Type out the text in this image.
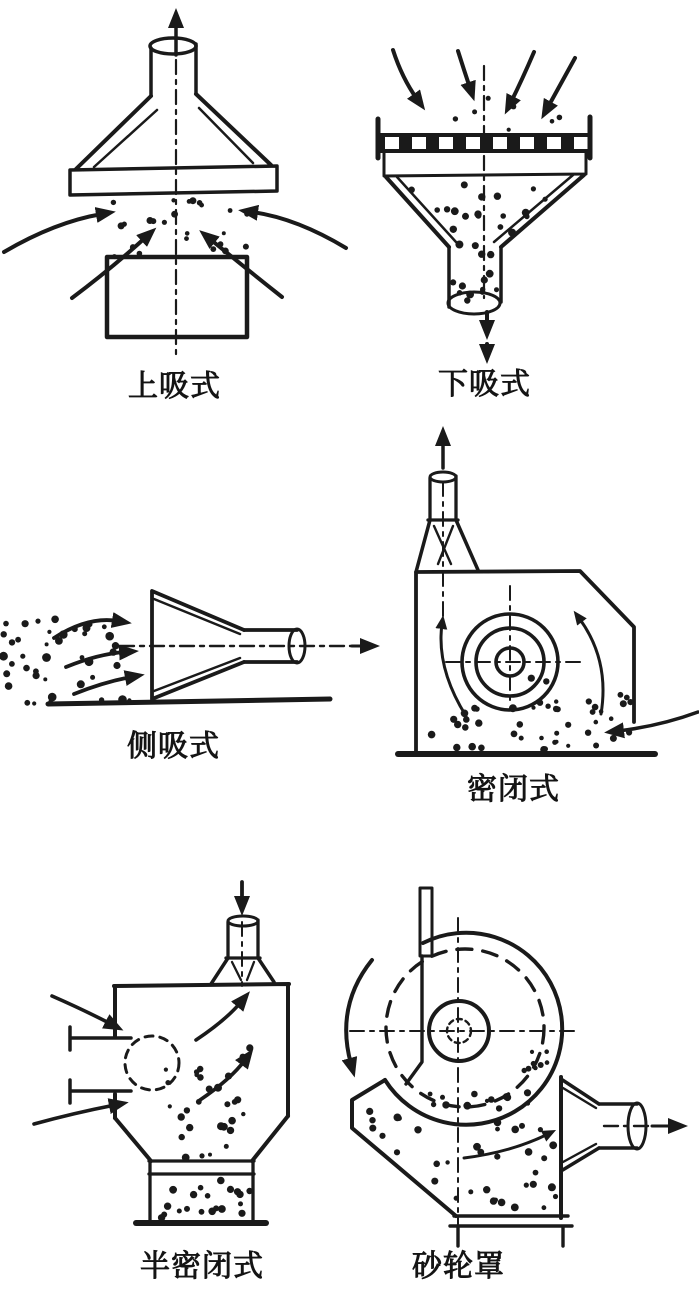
上吸式	下吸式
侧吸式
密闭式
半密闭式	砂轮罩
